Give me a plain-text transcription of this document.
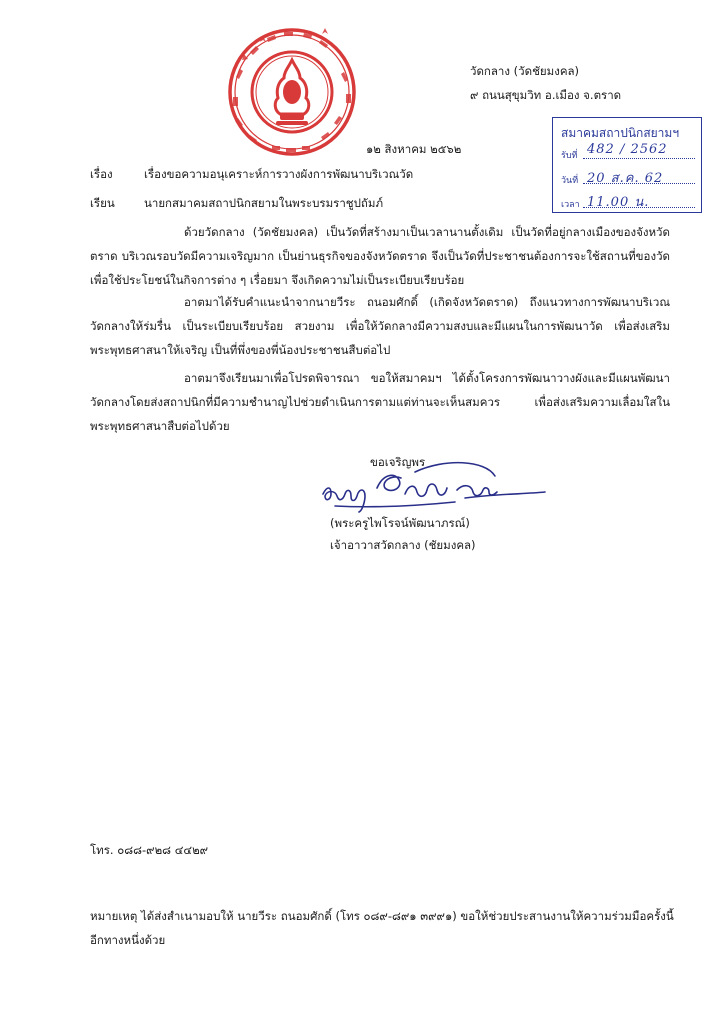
วัดกลาง (วัดชัยมงคล)
๙ ถนนสุขุมวิท อ.เมือง จ.ตราด
สมาคมสถาปนิกสยามฯ
รับที่ 482 / 2562
วันที่ 20 ส.ค. 62
เวลา 11.00 น.
๑๒ สิงหาคม ๒๕๖๒
เรื่อง	เรื่องขอความอนุเคราะห์การวางผังการพัฒนาบริเวณวัด
เรียน	นายกสมาคมสถาปนิกสยามในพระบรมราชูปถัมภ์
ด้วยวัดกลาง (วัดชัยมงคล) เป็นวัดที่สร้างมาเป็นเวลานานตั้งเดิม เป็นวัดที่อยู่กลางเมืองของจังหวัดตราด บริเวณรอบวัดมีความเจริญมาก เป็นย่านธุรกิจของจังหวัดตราด จึงเป็นวัดที่ประชาชนต้องการจะใช้สถานที่ของวัดเพื่อใช้ประโยชน์ในกิจการต่าง ๆ เรื่อยมา จึงเกิดความไม่เป็นระเบียบเรียบร้อย
อาตมาได้รับคำแนะนำจากนายวีระ ถนอมศักดิ์ (เกิดจังหวัดตราด) ถึงแนวทางการพัฒนาบริเวณวัดกลางให้ร่มรื่น เป็นระเบียบเรียบร้อย สวยงาม เพื่อให้วัดกลางมีความสงบและมีแผนในการพัฒนาวัด เพื่อส่งเสริมพระพุทธศาสนาให้เจริญ เป็นที่พึ่งของพี่น้องประชาชนสืบต่อไป
อาตมาจึงเรียนมาเพื่อโปรดพิจารณา ขอให้สมาคมฯ ได้ตั้งโครงการพัฒนาวางผังและมีแผนพัฒนาวัดกลางโดยส่งสถาปนิกที่มีความชำนาญไปช่วยดำเนินการตามแต่ท่านจะเห็นสมควร เพื่อส่งเสริมความเลื่อมใสในพระพุทธศาสนาสืบต่อไปด้วย
ขอเจริญพร
(พระครูไพโรจน์พัฒนาภรณ์)
เจ้าอาวาสวัดกลาง (ชัยมงคล)
โทร. ๐๘๘-๙๒๘ ๔๔๒๙
หมายเหตุ ได้ส่งสำเนามอบให้ นายวีระ ถนอมศักดิ์ (โทร ๐๘๙-๘๙๑ ๓๙๙๑) ขอให้ช่วยประสานงานให้ความร่วมมือครั้งนี้
อีกทางหนึ่งด้วย
